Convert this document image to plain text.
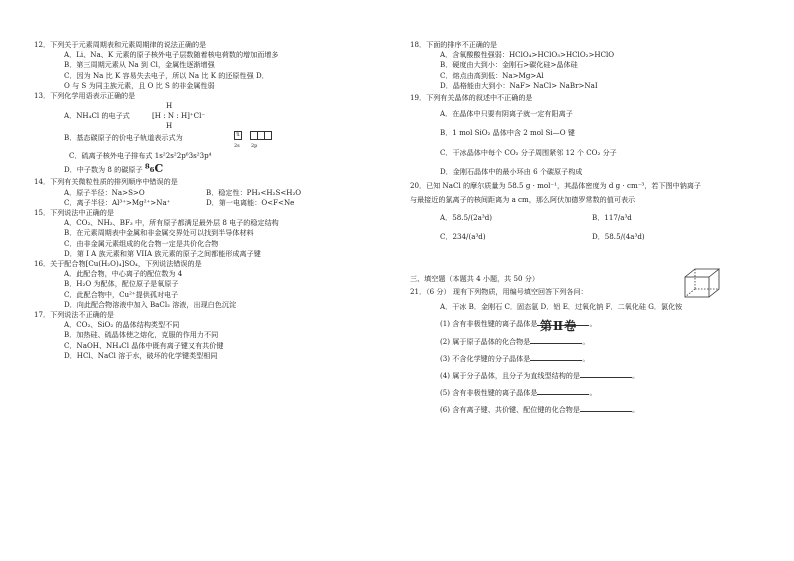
12．下列关于元素周期表和元素周期律的说法正确的是
A．Li、Na、K 元素的原子核外电子层数随着核电荷数的增加而增多
B．第三周期元素从 Na 到 Cl，金属性逐渐增强
C．因为 Na 比 K 容易失去电子，所以 Na 比 K 的还原性强 D．
O 与 S 为同主族元素，且 O 比 S 的非金属性弱
13．下列化学用语表示正确的是
A．NH₄Cl 的电子式
H
[H : N : H]⁺Cl⁻
H
B．基态碳原子的价电子轨道表示式为	⇅
2s 2p
C．硫离子核外电子排布式 1s²2s²2p⁶3s²3p⁴
D．中子数为 8 的碳原子 ⁸₆C
14．下列有关微粒性质的排列顺序中错误的是
A．原子半径：Na>S>O	B．稳定性：PH₃<H₂S<H₂O
C．离子半径：Al³⁺>Mg²⁺>Na⁺	D．第一电离能：O<F<Ne
15．下列说法中正确的是
A．CO₂、NH₃、BF₃ 中，所有原子都满足最外层 8 电子的稳定结构
B．在元素周期表中金属和非金属交界处可以找到半导体材料
C．由非金属元素组成的化合物一定是共价化合物
D．第 I A 族元素和第 VIIA 族元素的原子之间都能形成离子键
16．关于配合物[Cu(H₂O)₄]SO₄，下列说法错误的是
A．此配合物，中心离子的配位数为 4
B．H₂O 为配体，配位原子是氧原子
C．此配合物中，Cu²⁺提供孤对电子
D．向此配合物溶液中加入 BaCl₂ 溶液，出现白色沉淀
17．下列说法不正确的是
A．CO₂、SiO₂ 的晶体结构类型不同
B．加热硅、硫晶体使之熔化，克服的作用力不同
C．NaOH、NH₄Cl 晶体中既有离子键又有共价键
D．HCl、NaCl 溶于水，破坏的化学键类型相同
18．下面的排序不正确的是
A．含氧酸酸性强弱：HClO₄>HClO₃>HClO₂>HClO
B．硬度由大到小：金刚石>碳化硅>晶体硅
C．熔点由高到低：Na>Mg>Al
D．晶格能由大到小：NaF> NaCl> NaBr>NaI
19．下列有关晶体的叙述中不正确的是
A．在晶体中只要有阴离子就一定有阳离子
B．1 mol SiO₂ 晶体中含 2 mol Si—O 键
C．干冰晶体中每个 CO₂ 分子周围紧邻 12 个 CO₂ 分子
D．金刚石晶体中的最小环由 6 个碳原子构成
20．已知 NaCl 的摩尔质量为 58.5 g · mol⁻¹，其晶体密度为 d g · cm⁻³，若下图中钠离子
与最接近的氯离子的核间距离为 a cm，那么阿伏加德罗常数的值可表示
A．58.5/(2a³d)	B．117/a³d
C．234/(a³d)	D．58.5/(4a³d)
三、填空题（本题共 4 小题，共 50 分）
21．（6 分） 现有下列物质，用编号填空回答下列各问：
A．干冰 B．金刚石 C．固态氩 D．铝 E．过氧化钠 F．二氧化硅 G．氯化铵
(1) 含有非极性键的离子晶体是	。
(2) 属于原子晶体的化合物是	。
(3) 不含化学键的分子晶体是	。
(4) 属于分子晶体，且分子为直线型结构的是	。
(5) 含有非极性键的离子晶体是	。
(6) 含有离子键、共价键、配位键的化合物是	。
第Ⅱ卷
